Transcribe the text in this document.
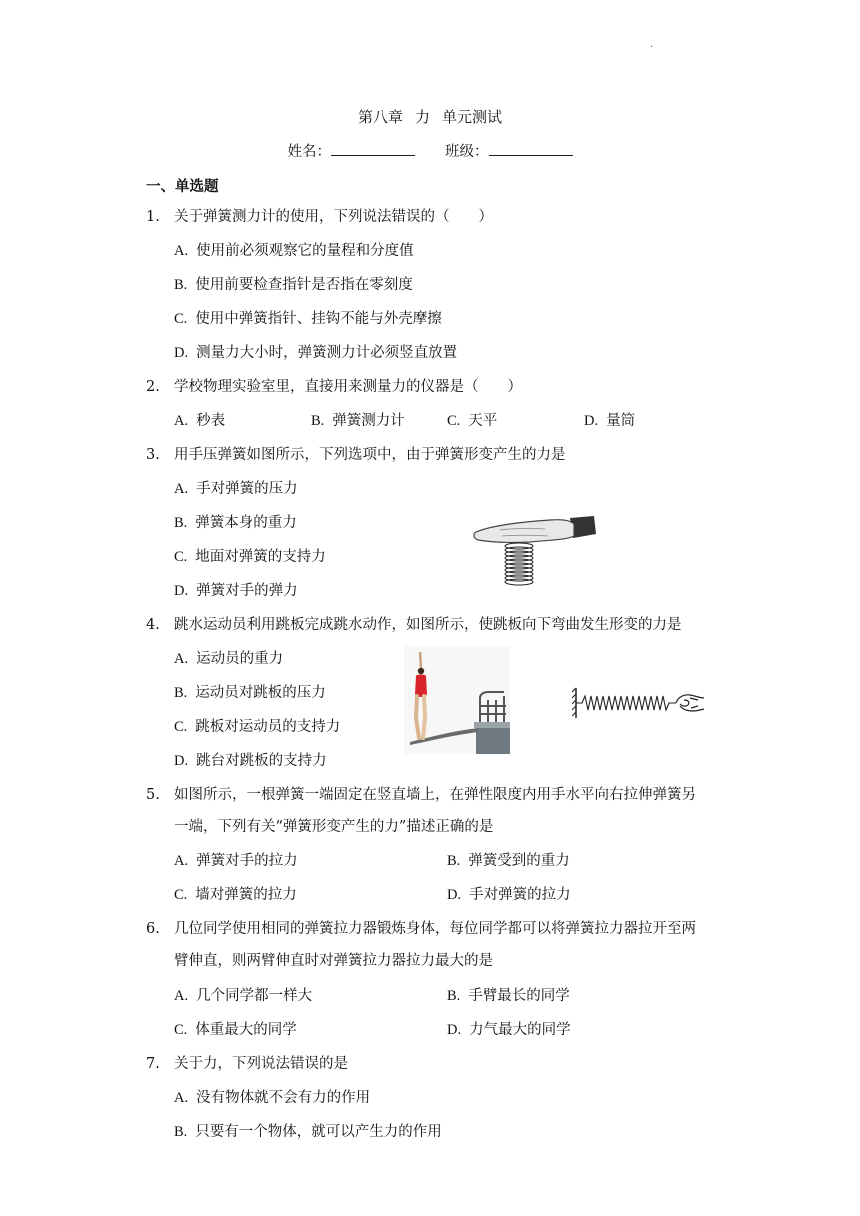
·
第八章 力 单元测试
姓名：	班级：
一、单选题
1. 关于弹簧测力计的使用，下列说法错误的（　　）
A. 使用前必须观察它的量程和分度值
B. 使用前要检查指针是否指在零刻度
C. 使用中弹簧指针、挂钩不能与外壳摩擦
D. 测量力大小时，弹簧测力计必须竖直放置
2. 学校物理实验室里，直接用来测量力的仪器是（　　）
A. 秒表	B. 弹簧测力计	C. 天平	D. 量筒
3. 用手压弹簧如图所示，下列选项中，由于弹簧形变产生的力是
A. 手对弹簧的压力
B. 弹簧本身的重力
C. 地面对弹簧的支持力
D. 弹簧对手的弹力
4. 跳水运动员利用跳板完成跳水动作，如图所示，使跳板向下弯曲发生形变的力是
A. 运动员的重力
B. 运动员对跳板的压力
C. 跳板对运动员的支持力
D. 跳台对跳板的支持力
5. 如图所示，一根弹簧一端固定在竖直墙上，在弹性限度内用手水平向右拉伸弹簧另
一端，下列有关“弹簧形变产生的力”描述正确的是
A. 弹簧对手的拉力	B. 弹簧受到的重力
C. 墙对弹簧的拉力	D. 手对弹簧的拉力
6. 几位同学使用相同的弹簧拉力器锻炼身体，每位同学都可以将弹簧拉力器拉开至两
臂伸直，则两臂伸直时对弹簧拉力器拉力最大的是
A. 几个同学都一样大	B. 手臂最长的同学
C. 体重最大的同学	D. 力气最大的同学
7. 关于力，下列说法错误的是
A. 没有物体就不会有力的作用
B. 只要有一个物体，就可以产生力的作用
